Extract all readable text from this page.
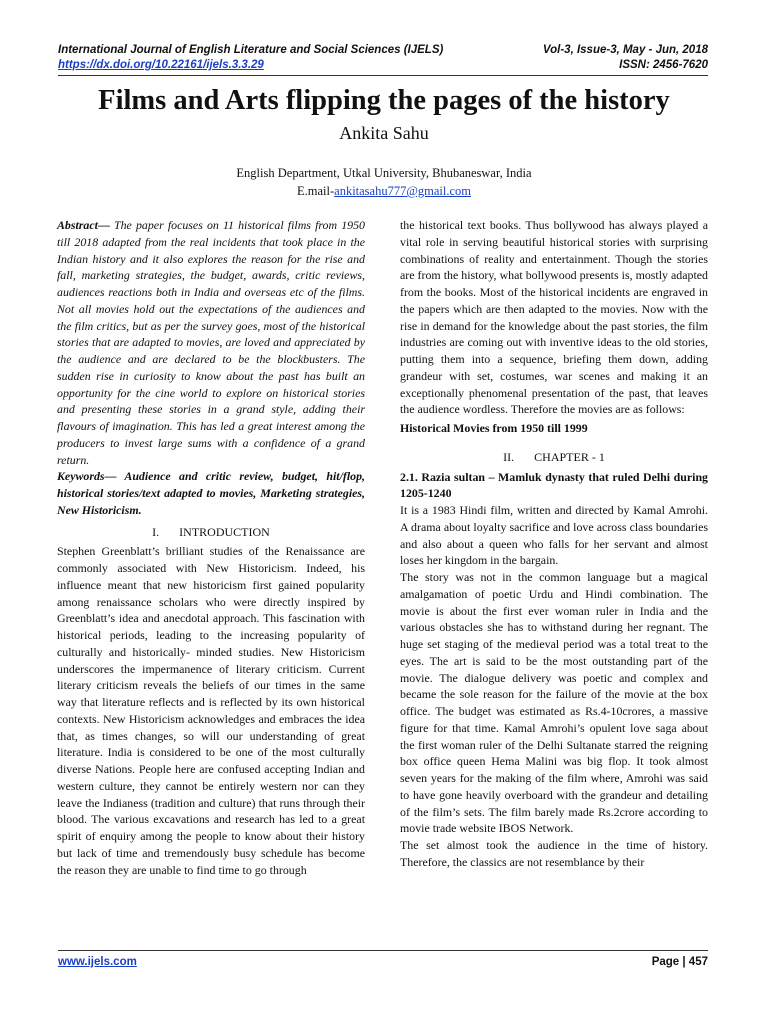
International Journal of English Literature and Social Sciences (IJELS)	Vol-3, Issue-3, May - Jun, 2018
https://dx.doi.org/10.22161/ijels.3.3.29	ISSN: 2456-7620
Films and Arts flipping the pages of the history
Ankita Sahu
English Department, Utkal University, Bhubaneswar, India
E.mail-ankitasahu777@gmail.com

Abstract— The paper focuses on 11 historical films from 1950 till 2018 adapted from the real incidents that took place in the Indian history and it also explores the reason for the rise and fall, marketing strategies, the budget, awards, critic reviews, audiences reactions both in India and overseas etc of the films. Not all movies hold out the expectations of the audiences and the film critics, but as per the survey goes, most of the historical stories that are adapted to movies, are loved and appreciated by the audience and are declared to be the blockbusters. The sudden rise in curiosity to know about the past has built an opportunity for the cine world to explore on historical stories and presenting these stories in a grand style, adding their flavours of imagination. This has led a great interest among the producers to invest large sums with a confidence of a grand return.

Keywords— Audience and critic review, budget, hit/flop, historical stories/text adapted to movies, Marketing strategies, New Historicism.

I. INTRODUCTION

Stephen Greenblatt’s brilliant studies of the Renaissance are commonly associated with New Historicism. Indeed, his influence meant that new historicism first gained popularity among renaissance scholars who were directly inspired by Greenblatt’s idea and anecdotal approach. This fascination with historical periods, leading to the increasing popularity of culturally and historically- minded studies. New Historicism underscores the impermanence of literary criticism. Current literary criticism reveals the beliefs of our times in the same way that literature reflects and is reflected by its own historical contexts. New Historicism acknowledges and embraces the idea that, as times changes, so will our understanding of great literature. India is considered to be one of the most culturally diverse Nations. People here are confused accepting Indian and western culture, they cannot be entirely western nor can they leave the Indianess (tradition and culture) that runs through their blood. The various excavations and research has led to a great spirit of enquiry among the people to know about their history but lack of time and tremendously busy schedule has become the reason they are unable to find time to go through

the historical text books. Thus bollywood has always played a vital role in serving beautiful historical stories with surprising combinations of reality and entertainment. Though the stories are from the history, what bollywood presents is, mostly adapted from the books. Most of the historical incidents are engraved in the papers which are then adapted to the movies. Now with the rise in demand for the knowledge about the past stories, the film industries are coming out with inventive ideas to the old stories, putting them into a sequence, briefing them down, adding grandeur with set, costumes, war scenes and making it an exceptionally phenomenal presentation of the past, that leaves the audience wordless. Therefore the movies are as follows:

Historical Movies from 1950 till 1999

II. CHAPTER - 1

2.1. Razia sultan – Mamluk dynasty that ruled Delhi during 1205-1240

It is a 1983 Hindi film, written and directed by Kamal Amrohi. A drama about loyalty sacrifice and love across class boundaries and also about a queen who falls for her servant and almost loses her kingdom in the bargain.

The story was not in the common language but a magical amalgamation of poetic Urdu and Hindi combination. The movie is about the first ever woman ruler in India and the various obstacles she has to withstand during her regnant. The huge set staging of the medieval period was a total treat to the eyes. The art is said to be the most outstanding part of the movie. The dialogue delivery was poetic and complex and became the sole reason for the failure of the movie at the box office. The budget was estimated as Rs.4-10crores, a massive figure for that time. Kamal Amrohi’s opulent love saga about the first woman ruler of the Delhi Sultanate starred the reigning box office queen Hema Malini was big flop. It took almost seven years for the making of the film where, Amrohi was said to have gone heavily overboard with the grandeur and detailing of the film’s sets. The film barely made Rs.2crore according to movie trade website IBOS Network.

The set almost took the audience in the time of history. Therefore, the classics are not resemblance by their

www.ijels.com	Page | 457
